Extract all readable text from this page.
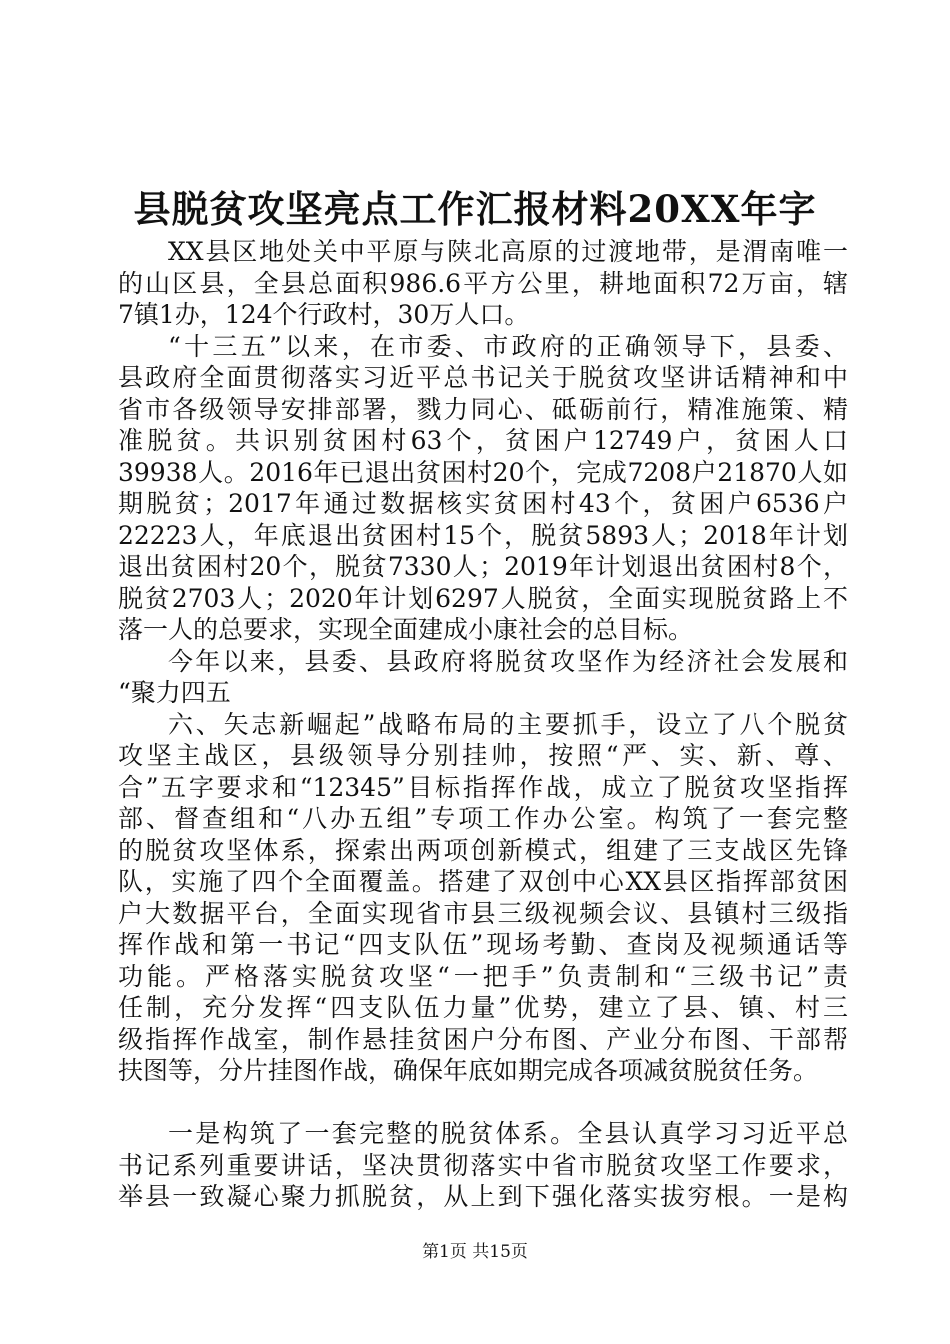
县脱贫攻坚亮点工作汇报材料20XX年字
XX县区地处关中平原与陕北高原的过渡地带，是渭南唯一
的山区县，全县总面积986.6平方公里，耕地面积72万亩，辖
7镇1办，124个行政村，30万人口。
“十三五”以来，在市委、市政府的正确领导下，县委、
县政府全面贯彻落实习近平总书记关于脱贫攻坚讲话精神和中
省市各级领导安排部署，戮力同心、砥砺前行，精准施策、精
准脱贫。共识别贫困村63个，贫困户12749户，贫困人口
39938人。2016年已退出贫困村20个，完成7208户21870人如
期脱贫；2017年通过数据核实贫困村43个，贫困户6536户
22223人，年底退出贫困村15个，脱贫5893人；2018年计划
退出贫困村20个，脱贫7330人；2019年计划退出贫困村8个，
脱贫2703人；2020年计划6297人脱贫，全面实现脱贫路上不
落一人的总要求，实现全面建成小康社会的总目标。
今年以来，县委、县政府将脱贫攻坚作为经济社会发展和
“聚力四五
六、矢志新崛起”战略布局的主要抓手，设立了八个脱贫
攻坚主战区，县级领导分别挂帅，按照“严、实、新、尊、
合”五字要求和“12345”目标指挥作战，成立了脱贫攻坚指挥
部、督查组和“八办五组”专项工作办公室。构筑了一套完整
的脱贫攻坚体系，探索出两项创新模式，组建了三支战区先锋
队，实施了四个全面覆盖。搭建了双创中心XX县区指挥部贫困
户大数据平台，全面实现省市县三级视频会议、县镇村三级指
挥作战和第一书记“四支队伍”现场考勤、查岗及视频通话等
功能。严格落实脱贫攻坚“一把手”负责制和“三级书记”责
任制，充分发挥“四支队伍力量”优势，建立了县、镇、村三
级指挥作战室，制作悬挂贫困户分布图、产业分布图、干部帮
扶图等，分片挂图作战，确保年底如期完成各项减贫脱贫任务。
一是构筑了一套完整的脱贫体系。全县认真学习习近平总
书记系列重要讲话，坚决贯彻落实中省市脱贫攻坚工作要求，
举县一致凝心聚力抓脱贫，从上到下强化落实拔穷根。一是构
第1页 共15页
